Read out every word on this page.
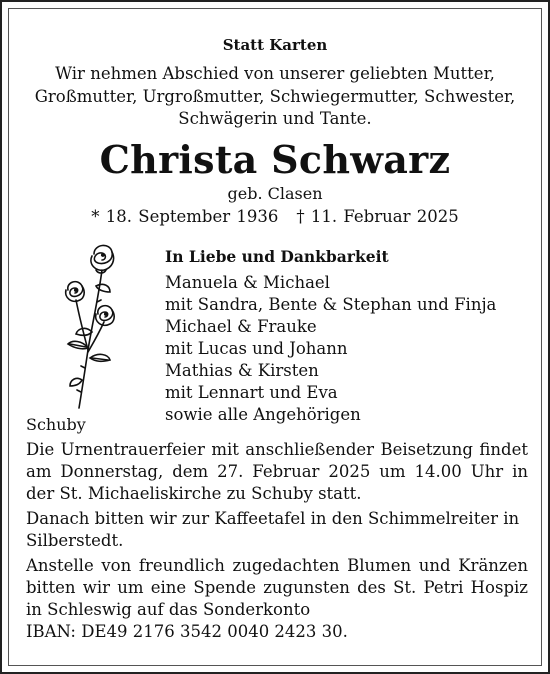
Statt Karten
Wir nehmen Abschied von unserer geliebten Mutter,
Großmutter, Urgroßmutter, Schwiegermutter, Schwester,
Schwägerin und Tante.
Christa Schwarz
geb. Clasen
* 18. September 1936 † 11. Februar 2025
In Liebe und Dankbarkeit
Manuela & Michael
mit Sandra, Bente & Stephan und Finja
Michael & Frauke
mit Lucas und Johann
Mathias & Kirsten
mit Lennart und Eva
sowie alle Angehörigen
Schuby

Die Urnentrauerfeier mit anschließender Beisetzung findet am Donnerstag, dem 27. Februar 2025 um 14.00 Uhr in der St. Michaeliskirche zu Schuby statt.

Danach bitten wir zur Kaffeetafel in den Schimmelreiter in Silberstedt.

Anstelle von freundlich zugedachten Blumen und Kränzen bitten wir um eine Spende zugunsten des St. Petri Hospiz in Schleswig auf das Sonderkonto

IBAN: DE49 2176 3542 0040 2423 30.
